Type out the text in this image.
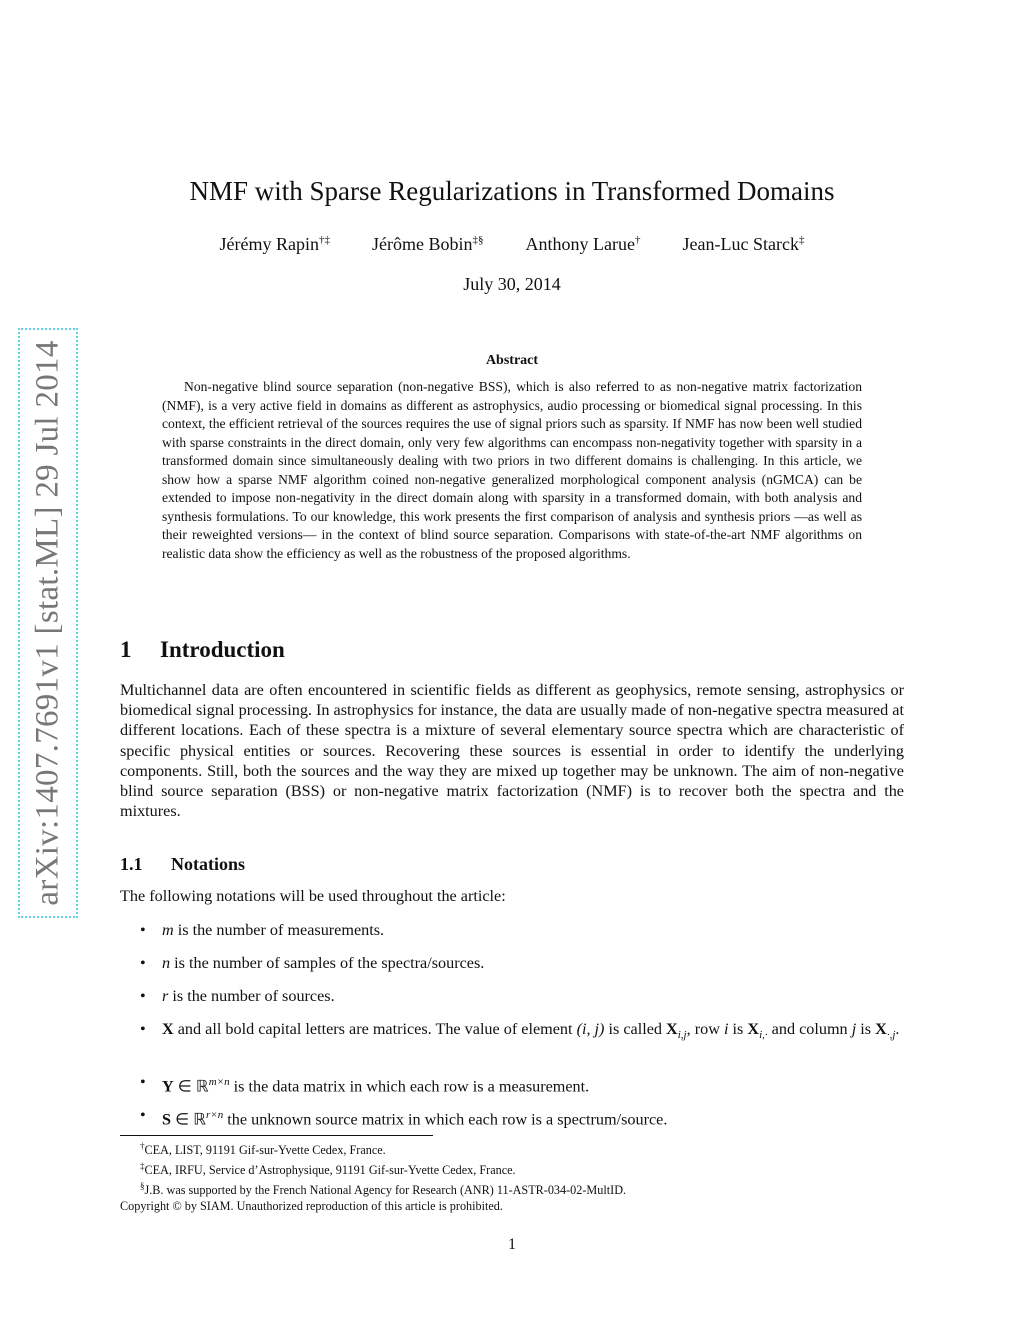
arXiv:1407.7691v1 [stat.ML] 29 Jul 2014
NMF with Sparse Regularizations in Transformed Domains
Jérémy Rapin†‡ Jérôme Bobin‡§ Anthony Larue† Jean-Luc Starck‡
July 30, 2014
Abstract
Non-negative blind source separation (non-negative BSS), which is also referred to as non-negative matrix factorization (NMF), is a very active field in domains as different as astrophysics, audio processing or biomedical signal processing. In this context, the efficient retrieval of the sources requires the use of signal priors such as sparsity. If NMF has now been well studied with sparse constraints in the direct domain, only very few algorithms can encompass non-negativity together with sparsity in a transformed domain since simultaneously dealing with two priors in two different domains is challenging. In this article, we show how a sparse NMF algorithm coined non-negative generalized morphological component analysis (nGMCA) can be extended to impose non-negativity in the direct domain along with sparsity in a transformed domain, with both analysis and synthesis formulations. To our knowledge, this work presents the first comparison of analysis and synthesis priors —as well as their reweighted versions— in the context of blind source separation. Comparisons with state-of-the-art NMF algorithms on realistic data show the efficiency as well as the robustness of the proposed algorithms.
1 Introduction
Multichannel data are often encountered in scientific fields as different as geophysics, remote sensing, astrophysics or biomedical signal processing. In astrophysics for instance, the data are usually made of non-negative spectra measured at different locations. Each of these spectra is a mixture of several elementary source spectra which are characteristic of specific physical entities or sources. Recovering these sources is essential in order to identify the underlying components. Still, both the sources and the way they are mixed up together may be unknown. The aim of non-negative blind source separation (BSS) or non-negative matrix factorization (NMF) is to recover both the spectra and the mixtures.
1.1 Notations
The following notations will be used throughout the article:
• m is the number of measurements.
• n is the number of samples of the spectra/sources.
• r is the number of sources.
• X and all bold capital letters are matrices. The value of element (i, j) is called $X_{i,j}$, row i is $X_{i,\cdot}$ and column j is $X_{\cdot,j}$.
• Y ∈ ℝ$^{m\times n}$ is the data matrix in which each row is a measurement.
• S ∈ ℝ$^{r\times n}$ the unknown source matrix in which each row is a spectrum/source.

†CEA, LIST, 91191 Gif-sur-Yvette Cedex, France.

‡CEA, IRFU, Service d’Astrophysique, 91191 Gif-sur-Yvette Cedex, France.

§J.B. was supported by the French National Agency for Research (ANR) 11-ASTR-034-02-MultID.

Copyright © by SIAM. Unauthorized reproduction of this article is prohibited.

1
